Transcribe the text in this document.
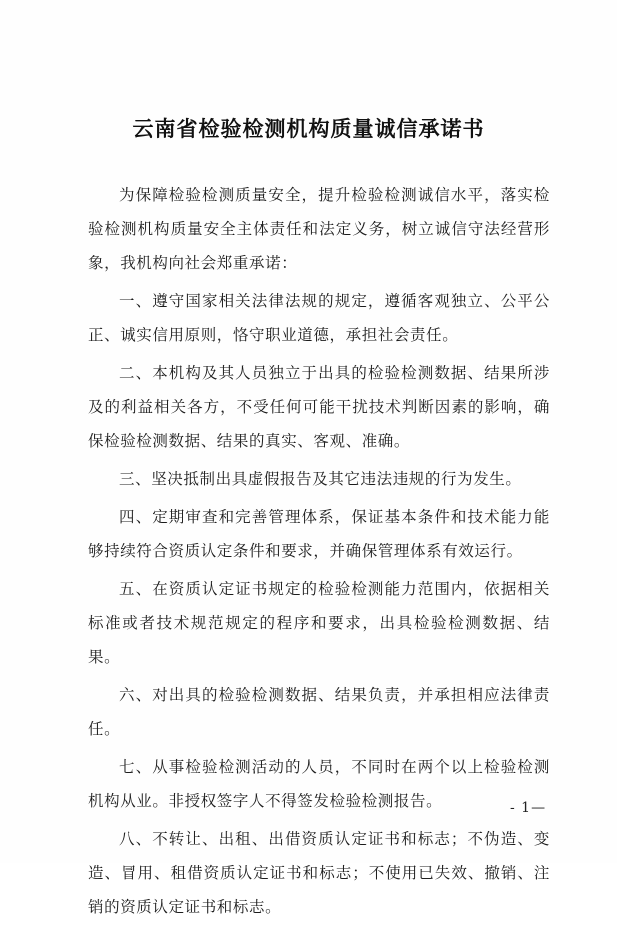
云南省检验检测机构质量诚信承诺书

为保障检验检测质量安全，提升检验检测诚信水平，落实检验检测机构质量安全主体责任和法定义务，树立诚信守法经营形象，我机构向社会郑重承诺：

一、遵守国家相关法律法规的规定，遵循客观独立、公平公正、诚实信用原则，恪守职业道德，承担社会责任。

二、本机构及其人员独立于出具的检验检测数据、结果所涉及的利益相关各方，不受任何可能干扰技术判断因素的影响，确保检验检测数据、结果的真实、客观、准确。

三、坚决抵制出具虚假报告及其它违法违规的行为发生。

四、定期审查和完善管理体系，保证基本条件和技术能力能够持续符合资质认定条件和要求，并确保管理体系有效运行。

五、在资质认定证书规定的检验检测能力范围内，依据相关标准或者技术规范规定的程序和要求，出具检验检测数据、结果。

六、对出具的检验检测数据、结果负责，并承担相应法律责任。

七、从事检验检测活动的人员，不同时在两个以上检验检测机构从业。非授权签字人不得签发检验检测报告。

八、不转让、出租、出借资质认定证书和标志；不伪造、变造、冒用、租借资质认定证书和标志；不使用已失效、撤销、注销的资质认定证书和标志。

- 1—
